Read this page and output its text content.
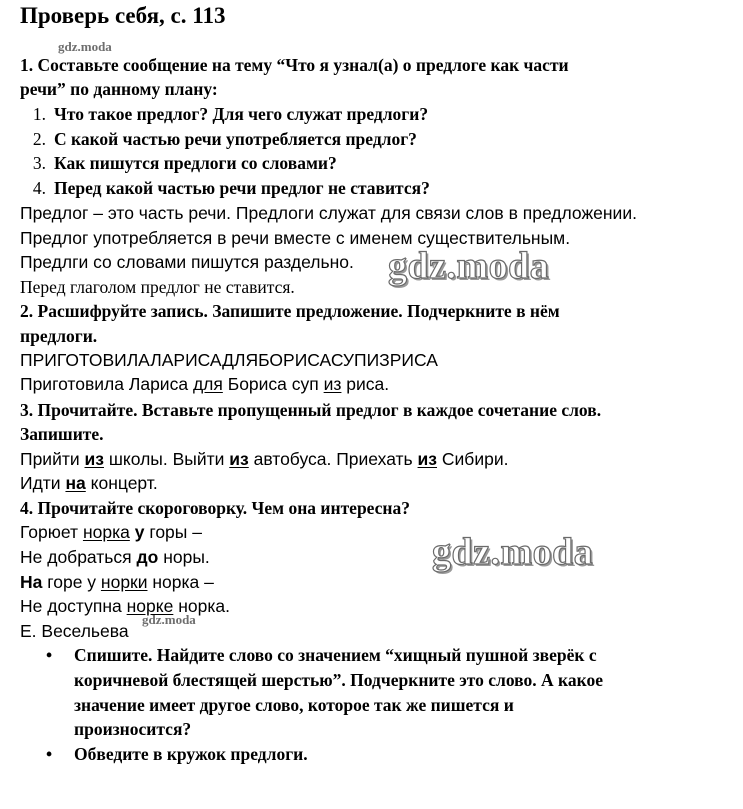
Проверь себя, с. 113
gdz.moda
1. Составьте сообщение на тему “Что я узнал(а) о предлоге как части
речи” по данному плану:
1. Что такое предлог? Для чего служат предлоги?
2. С какой частью речи употребляется предлог?
3. Как пишутся предлоги со словами?
4. Перед какой частью речи предлог не ставится?
Предлог – это часть речи. Предлоги служат для связи слов в предложении.
Предлог употребляется в речи вместе с именем существительным.
Предлги со словами пишутся раздельно.
Перед глаголом предлог не ставится. gdz.moda
2. Расшифруйте запись. Запишите предложение. Подчеркните в нём
предлоги.
ПРИГОТОВИЛАЛАРИСАДЛЯБОРИСАСУПИЗРИСА
Приготовила Лариса для Бориса суп из риса.
3. Прочитайте. Вставьте пропущенный предлог в каждое сочетание слов.
Запишите.
Прийти из школы. Выйти из автобуса. Приехать из Сибири.
Идти на концерт.
4. Прочитайте скороговорку. Чем она интересна?
Горюет норка у горы –
Не добраться до норы.
На горе у норки норка –
Не доступна норке норка.
Е. Весельева
gdz.moda
gdz.moda
• Спишите. Найдите слово со значением “хищный пушной зверёк с
коричневой блестящей шерстью”. Подчеркните это слово. А какое
значение имеет другое слово, которое так же пишется и
произносится?
• Обведите в кружок предлоги.
